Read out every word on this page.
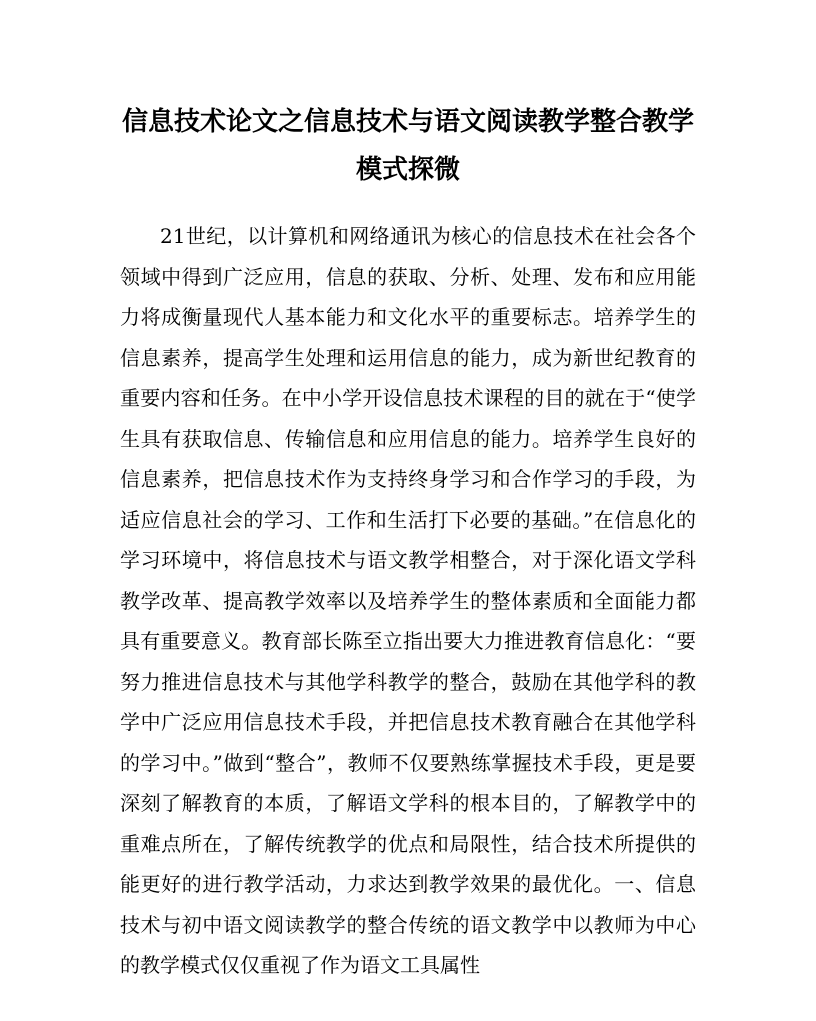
信息技术论文之信息技术与语文阅读教学整合教学模式探微

21世纪，以计算机和网络通讯为核心的信息技术在社会各个领域中得到广泛应用，信息的获取、分析、处理、发布和应用能力将成衡量现代人基本能力和文化水平的重要标志。培养学生的信息素养，提高学生处理和运用信息的能力，成为新世纪教育的重要内容和任务。在中小学开设信息技术课程的目的就在于“使学生具有获取信息、传输信息和应用信息的能力。培养学生良好的信息素养，把信息技术作为支持终身学习和合作学习的手段，为适应信息社会的学习、工作和生活打下必要的基础。”在信息化的学习环境中，将信息技术与语文教学相整合，对于深化语文学科教学改革、提高教学效率以及培养学生的整体素质和全面能力都具有重要意义。教育部长陈至立指出要大力推进教育信息化：“要努力推进信息技术与其他学科教学的整合，鼓励在其他学科的教学中广泛应用信息技术手段，并把信息技术教育融合在其他学科的学习中。”做到“整合”，教师不仅要熟练掌握技术手段，更是要深刻了解教育的本质，了解语文学科的根本目的，了解教学中的重难点所在，了解传统教学的优点和局限性，结合技术所提供的能更好的进行教学活动，力求达到教学效果的最优化。一、信息技术与初中语文阅读教学的整合传统的语文教学中以教师为中心的教学模式仅仅重视了作为语文工具属性
